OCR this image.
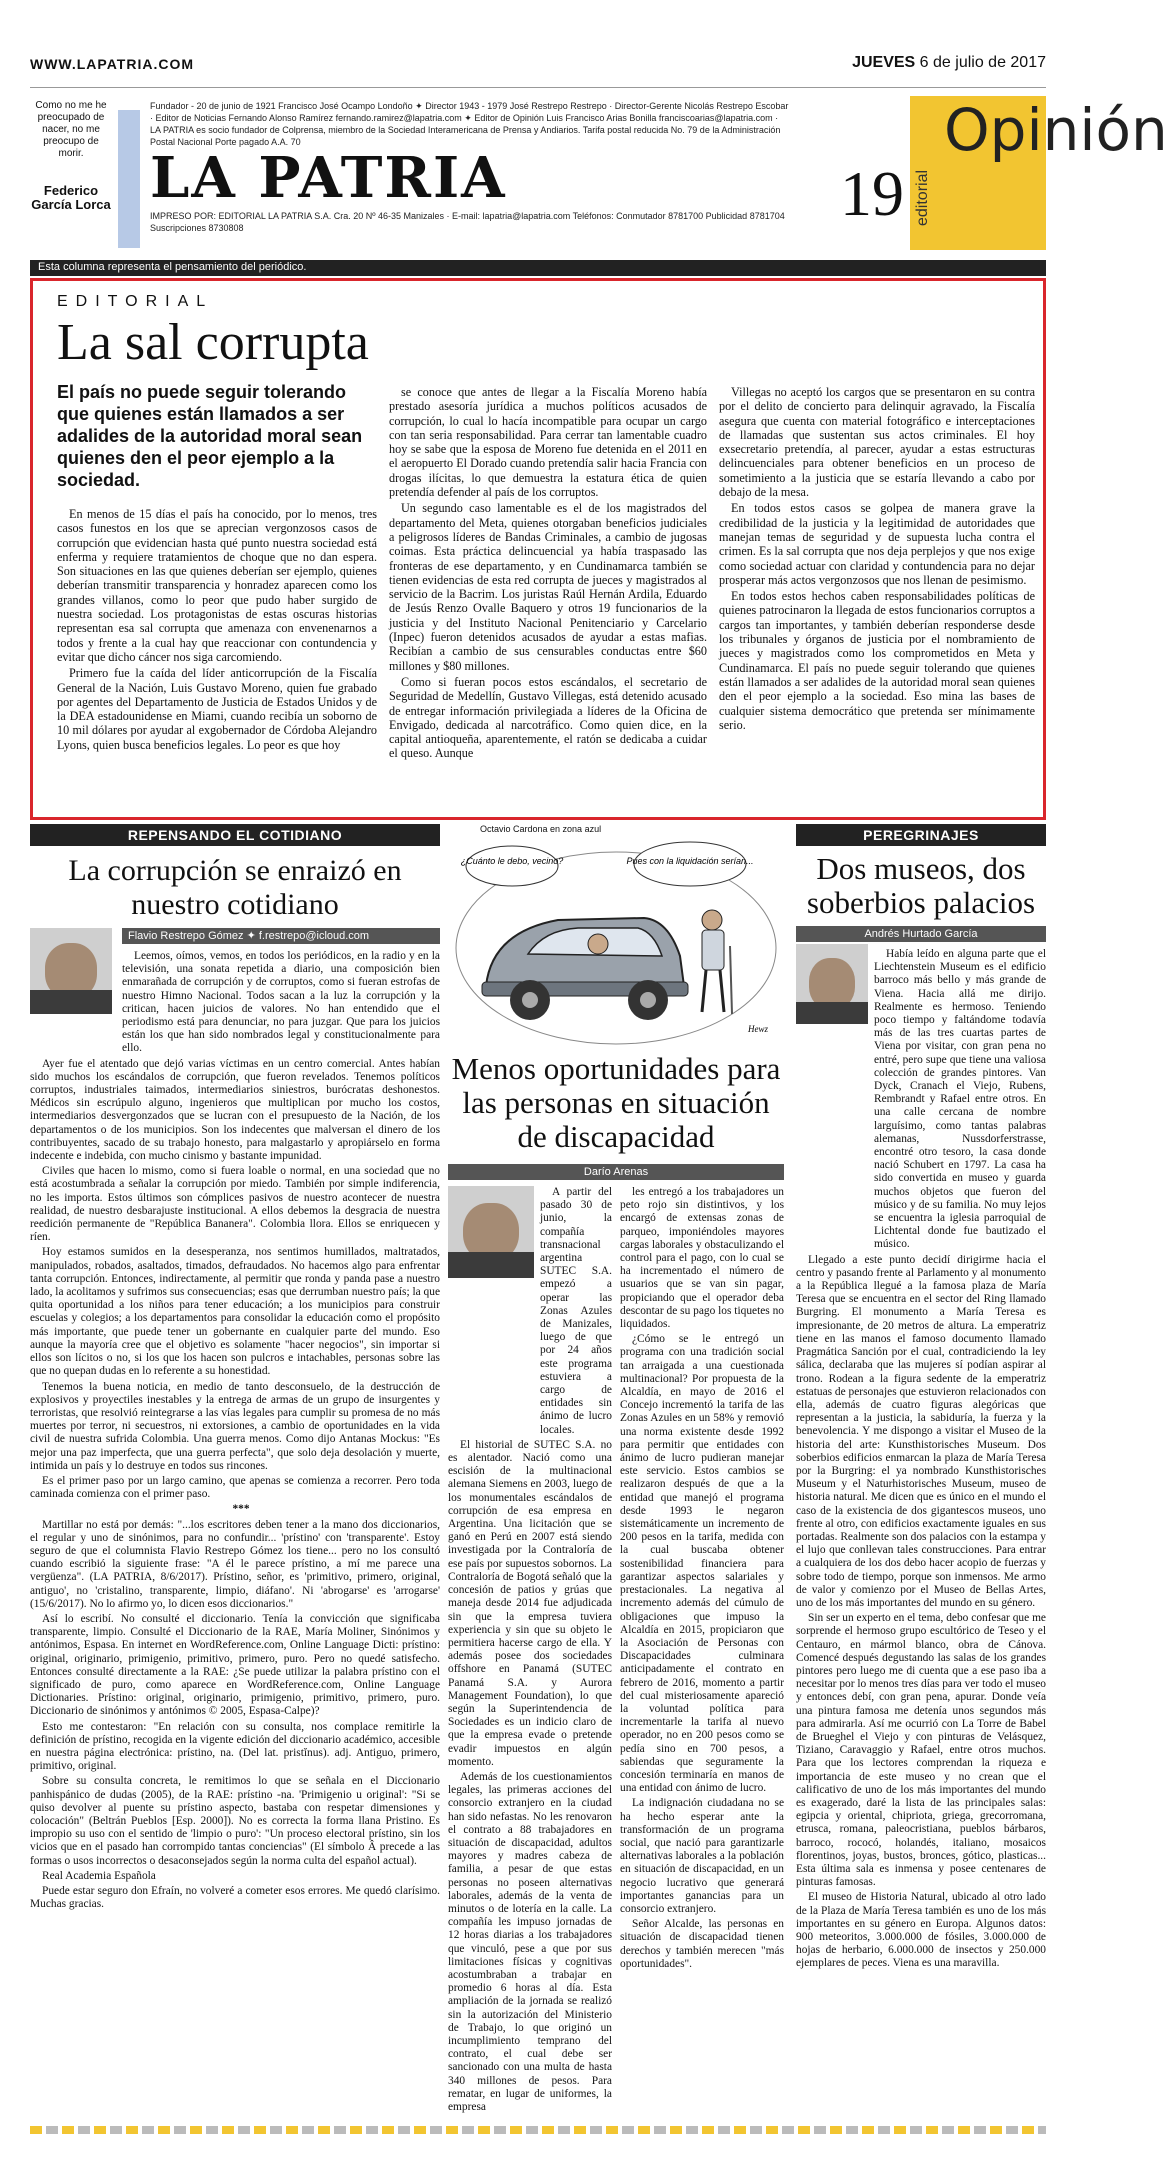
WWW.LAPATRIA.COM	JUEVES 6 de julio de 2017
Como no me he preocupado de nacer, no me preocupo de morir.
Federico García Lorca
Fundador - 20 de junio de 1921 Francisco José Ocampo Londoño ✦ Director 1943 - 1979 José Restrepo Restrepo · Director-Gerente Nicolás Restrepo Escobar · Editor de Noticias Fernando Alonso Ramírez fernando.ramirez@lapatria.com ✦ Editor de Opinión Luis Francisco Arias Bonilla franciscoarias@lapatria.com · LA PATRIA es socio fundador de Colprensa, miembro de la Sociedad Interamericana de Prensa y Andiarios. Tarifa postal reducida No. 79 de la Administración Postal Nacional Porte pagado A.A. 70
LA PATRIA
IMPRESO POR: EDITORIAL LA PATRIA S.A. Cra. 20 Nº 46-35 Manizales · E-mail: lapatria@lapatria.com Teléfonos: Conmutador 8781700 Publicidad 8781704 Suscripciones 8730808	19 editorial
Opinión
Esta columna representa el pensamiento del periódico.
EDITORIAL
La sal corrupta
El país no puede seguir tolerando que quienes están llamados a ser adalides de la autoridad moral sean quienes den el peor ejemplo a la sociedad.

En menos de 15 días el país ha conocido, por lo menos, tres casos funestos en los que se aprecian vergonzosos casos de corrupción que evidencian hasta qué punto nuestra sociedad está enferma y requiere tratamientos de choque que no dan espera. Son situaciones en las que quienes deberían ser ejemplo, quienes deberían transmitir transparencia y honradez aparecen como los grandes villanos, como lo peor que pudo haber surgido de nuestra sociedad. Los protagonistas de estas oscuras historias representan esa sal corrupta que amenaza con envenenarnos a todos y frente a la cual hay que reaccionar con contundencia y evitar que dicho cáncer nos siga carcomiendo.

Primero fue la caída del líder anticorrupción de la Fiscalía General de la Nación, Luis Gustavo Moreno, quien fue grabado por agentes del Departamento de Justicia de Estados Unidos y de la DEA estadounidense en Miami, cuando recibía un soborno de 10 mil dólares por ayudar al exgobernador de Córdoba Alejandro Lyons, quien busca beneficios legales. Lo peor es que hoy

se conoce que antes de llegar a la Fiscalía Moreno había prestado asesoría jurídica a muchos políticos acusados de corrupción, lo cual lo hacía incompatible para ocupar un cargo con tan seria responsabilidad. Para cerrar tan lamentable cuadro hoy se sabe que la esposa de Moreno fue detenida en el 2011 en el aeropuerto El Dorado cuando pretendía salir hacia Francia con drogas ilícitas, lo que demuestra la estatura ética de quien pretendía defender al país de los corruptos.

Un segundo caso lamentable es el de los magistrados del departamento del Meta, quienes otorgaban beneficios judiciales a peligrosos líderes de Bandas Criminales, a cambio de jugosas coimas. Esta práctica delincuencial ya había traspasado las fronteras de ese departamento, y en Cundinamarca también se tienen evidencias de esta red corrupta de jueces y magistrados al servicio de la Bacrim. Los juristas Raúl Hernán Ardila, Eduardo de Jesús Renzo Ovalle Baquero y otros 19 funcionarios de la justicia y del Instituto Nacional Penitenciario y Carcelario (Inpec) fueron detenidos acusados de ayudar a estas mafias. Recibían a cambio de sus censurables conductas entre $60 millones y $80 millones.

Como si fueran pocos estos escándalos, el secretario de Seguridad de Medellín, Gustavo Villegas, está detenido acusado de entregar información privilegiada a líderes de la Oficina de Envigado, dedicada al narcotráfico. Como quien dice, en la capital antioqueña, aparentemente, el ratón se dedicaba a cuidar el queso. Aunque

Villegas no aceptó los cargos que se presentaron en su contra por el delito de concierto para delinquir agravado, la Fiscalía asegura que cuenta con material fotográfico e interceptaciones de llamadas que sustentan sus actos criminales. El hoy exsecretario pretendía, al parecer, ayudar a estas estructuras delincuenciales para obtener beneficios en un proceso de sometimiento a la justicia que se estaría llevando a cabo por debajo de la mesa.

En todos estos casos se golpea de manera grave la credibilidad de la justicia y la legitimidad de autoridades que manejan temas de seguridad y de supuesta lucha contra el crimen. Es la sal corrupta que nos deja perplejos y que nos exige como sociedad actuar con claridad y contundencia para no dejar prosperar más actos vergonzosos que nos llenan de pesimismo.

En todos estos hechos caben responsabilidades políticas de quienes patrocinaron la llegada de estos funcionarios corruptos a cargos tan importantes, y también deberían responderse desde los tribunales y órganos de justicia por el nombramiento de jueces y magistrados como los comprometidos en Meta y Cundinamarca. El país no puede seguir tolerando que quienes están llamados a ser adalides de la autoridad moral sean quienes den el peor ejemplo a la sociedad. Eso mina las bases de cualquier sistema democrático que pretenda ser mínimamente serio.

REPENSANDO EL COTIDIANO
La corrupción se enraizó en nuestro cotidiano
Flavio Restrepo Gómez ✦ f.restrepo@icloud.com

Leemos, oímos, vemos, en todos los periódicos, en la radio y en la televisión, una sonata repetida a diario, una composición bien enmarañada de corrupción y de corruptos, como si fueran estrofas de nuestro Himno Nacional. Todos sacan a la luz la corrupción y la critican, hacen juicios de valores. No han entendido que el periodismo está para denunciar, no para juzgar. Que para los juicios están los que han sido nombrados legal y constitucionalmente para ello.

Ayer fue el atentado que dejó varias víctimas en un centro comercial. Antes habían sido muchos los escándalos de corrupción, que fueron revelados. Tenemos políticos corruptos, industriales taimados, intermediarios siniestros, burócratas deshonestos. Médicos sin escrúpulo alguno, ingenieros que multiplican por mucho los costos, intermediarios desvergonzados que se lucran con el presupuesto de la Nación, de los departamentos o de los municipios. Son los indecentes que malversan el dinero de los contribuyentes, sacado de su trabajo honesto, para malgastarlo y apropiárselo en forma indecente e indebida, con mucho cinismo y bastante impunidad.

Civiles que hacen lo mismo, como si fuera loable o normal, en una sociedad que no está acostumbrada a señalar la corrupción por miedo. También por simple indiferencia, no les importa. Estos últimos son cómplices pasivos de nuestro acontecer de nuestra realidad, de nuestro desbarajuste institucional. A ellos debemos la desgracia de nuestra reedición permanente de "República Bananera". Colombia llora. Ellos se enriquecen y ríen.

Hoy estamos sumidos en la desesperanza, nos sentimos humillados, maltratados, manipulados, robados, asaltados, timados, defraudados. No hacemos algo para enfrentar tanta corrupción. Entonces, indirectamente, al permitir que ronda y panda pase a nuestro lado, la acolitamos y sufrimos sus consecuencias; esas que derrumban nuestro país; la que quita oportunidad a los niños para tener educación; a los municipios para construir escuelas y colegios; a los departamentos para consolidar la educación como el propósito más importante, que puede tener un gobernante en cualquier parte del mundo. Eso aunque la mayoría cree que el objetivo es solamente "hacer negocios", sin importar si ellos son lícitos o no, si los que los hacen son pulcros e intachables, personas sobre las que no quepan dudas en lo referente a su honestidad.

Tenemos la buena noticia, en medio de tanto desconsuelo, de la destrucción de explosivos y proyectiles inestables y la entrega de armas de un grupo de insurgentes y terroristas, que resolvió reintegrarse a las vías legales para cumplir su promesa de no más muertes por terror, ni secuestros, ni extorsiones, a cambio de oportunidades en la vida civil de nuestra sufrida Colombia. Una guerra menos. Como dijo Antanas Mockus: "Es mejor una paz imperfecta, que una guerra perfecta", que solo deja desolación y muerte, intimida un país y lo destruye en todos sus rincones.

Es el primer paso por un largo camino, que apenas se comienza a recorrer. Pero toda caminada comienza con el primer paso.

***

Martillar no está por demás: "...los escritores deben tener a la mano dos diccionarios, el regular y uno de sinónimos, para no confundir... 'prístino' con 'transparente'. Estoy seguro de que el columnista Flavio Restrepo Gómez los tiene... pero no los consultó cuando escribió la siguiente frase: "A él le parece prístino, a mí me parece una vergüenza". (LA PATRIA, 8/6/2017). Prístino, señor, es 'primitivo, primero, original, antiguo', no 'cristalino, transparente, limpio, diáfano'. Ni 'abrogarse' es 'arrogarse' (15/6/2017). No lo afirmo yo, lo dicen esos diccionarios."

Así lo escribí. No consulté el diccionario. Tenía la convicción que significaba transparente, limpio. Consulté el Diccionario de la RAE, María Moliner, Sinónimos y antónimos, Espasa. En internet en WordReference.com, Online Language Dicti: prístino: original, originario, primigenio, primitivo, primero, puro. Pero no quedé satisfecho. Entonces consulté directamente a la RAE: ¿Se puede utilizar la palabra prístino con el significado de puro, como aparece en WordReference.com, Online Language Dictionaries. Prístino: original, originario, primigenio, primitivo, primero, puro. Diccionario de sinónimos y antónimos © 2005, Espasa-Calpe)?

Esto me contestaron: "En relación con su consulta, nos complace remitirle la definición de prístino, recogida en la vigente edición del diccionario académico, accesible en nuestra página electrónica: prístino, na. (Del lat. pristĭnus). adj. Antiguo, primero, primitivo, original.

Sobre su consulta concreta, le remitimos lo que se señala en el Diccionario panhispánico de dudas (2005), de la RAE: prístino -na. 'Primigenio u original': "Si se quiso devolver al puente su prístino aspecto, bastaba con respetar dimensiones y colocación" (Beltrán Pueblos [Esp. 2000]). No es correcta la forma llana Pristino. Es impropio su uso con el sentido de 'limpio o puro': "Un proceso electoral prístino, sin los vicios que en el pasado han corrompido tantas conciencias" (El símbolo Â precede a las formas o usos incorrectos o desaconsejados según la norma culta del español actual).

Real Academia Española

Puede estar seguro don Efraín, no volveré a cometer esos errores. Me quedó clarísimo. Muchas gracias.

Octavio Cardona en zona azul
¿Cuánto le debo, vecino?	Pues con la liquidación serían...
Hewz
Menos oportunidades para las personas en situación de discapacidad
Darío Arenas

A partir del pasado 30 de junio, la compañía transnacional argentina SUTEC S.A. empezó a operar las Zonas Azules de Manizales, luego de que por 24 años este programa estuviera a cargo de entidades sin ánimo de lucro locales.

El historial de SUTEC S.A. no es alentador. Nació como una escisión de la multinacional alemana Siemens en 2003, luego de los monumentales escándalos de corrupción de esa empresa en Argentina. Una licitación que se ganó en Perú en 2007 está siendo investigada por la Contraloría de ese país por supuestos sobornos. La Contraloría de Bogotá señaló que la concesión de patios y grúas que maneja desde 2014 fue adjudicada sin que la empresa tuviera experiencia y sin que su objeto le permitiera hacerse cargo de ella. Y además posee dos sociedades offshore en Panamá (SUTEC Panamá S.A. y Aurora Management Foundation), lo que según la Superintendencia de Sociedades es un indicio claro de que la empresa evade o pretende evadir impuestos en algún momento.

Además de los cuestionamientos legales, las primeras acciones del consorcio extranjero en la ciudad han sido nefastas. No les renovaron el contrato a 88 trabajadores en situación de discapacidad, adultos mayores y madres cabeza de familia, a pesar de que estas personas no poseen alternativas laborales, además de la venta de minutos o de lotería en la calle. La compañía les impuso jornadas de 12 horas diarias a los trabajadores que vinculó, pese a que por sus limitaciones físicas y cognitivas acostumbraban a trabajar en promedio 6 horas al día. Esta ampliación de la jornada se realizó sin la autorización del Ministerio de Trabajo, lo que originó un incumplimiento temprano del contrato, el cual debe ser sancionado con una multa de hasta 340 millones de pesos. Para rematar, en lugar de uniformes, la empresa

les entregó a los trabajadores un peto rojo sin distintivos, y los encargó de extensas zonas de parqueo, imponiéndoles mayores cargas laborales y obstaculizando el control para el pago, con lo cual se ha incrementado el número de usuarios que se van sin pagar, propiciando que el operador deba descontar de su pago los tiquetes no liquidados.

¿Cómo se le entregó un programa con una tradición social tan arraigada a una cuestionada multinacional? Por propuesta de la Alcaldía, en mayo de 2016 el Concejo incrementó la tarifa de las Zonas Azules en un 58% y removió una norma existente desde 1992 para permitir que entidades con ánimo de lucro pudieran manejar este servicio. Estos cambios se realizaron después de que a la entidad que manejó el programa desde 1993 le negaron sistemáticamente un incremento de 200 pesos en la tarifa, medida con la cual buscaba obtener sostenibilidad financiera para garantizar aspectos salariales y prestacionales. La negativa al incremento además del cúmulo de obligaciones que impuso la Alcaldía en 2015, propiciaron que la Asociación de Personas con Discapacidades culminara anticipadamente el contrato en febrero de 2016, momento a partir del cual misteriosamente apareció la voluntad política para incrementarle la tarifa al nuevo operador, no en 200 pesos como se pedía sino en 700 pesos, a sabiendas que seguramente la concesión terminaría en manos de una entidad con ánimo de lucro.

La indignación ciudadana no se ha hecho esperar ante la transformación de un programa social, que nació para garantizarle alternativas laborales a la población en situación de discapacidad, en un negocio lucrativo que generará importantes ganancias para un consorcio extranjero.

Señor Alcalde, las personas en situación de discapacidad tienen derechos y también merecen "más oportunidades".

PEREGRINAJES
Dos museos, dos soberbios palacios
Andrés Hurtado García

Había leído en alguna parte que el Liechtenstein Museum es el edificio barroco más bello y más grande de Viena. Hacia allá me dirijo. Realmente es hermoso. Teniendo poco tiempo y faltándome todavía más de las tres cuartas partes de Viena por visitar, con gran pena no entré, pero supe que tiene una valiosa colección de grandes pintores. Van Dyck, Cranach el Viejo, Rubens, Rembrandt y Rafael entre otros. En una calle cercana de nombre larguísimo, como tantas palabras alemanas, Nussdorferstrasse, encontré otro tesoro, la casa donde nació Schubert en 1797. La casa ha sido convertida en museo y guarda muchos objetos que fueron del músico y de su familia. No muy lejos se encuentra la iglesia parroquial de Lichtental donde fue bautizado el músico.

Llegado a este punto decidí dirigirme hacia el centro y pasando frente al Parlamento y al monumento a la República llegué a la famosa plaza de María Teresa que se encuentra en el sector del Ring llamado Burgring. El monumento a María Teresa es impresionante, de 20 metros de altura. La emperatriz tiene en las manos el famoso documento llamado Pragmática Sanción por el cual, contradiciendo la ley sálica, declaraba que las mujeres sí podían aspirar al trono. Rodean a la figura sedente de la emperatriz estatuas de personajes que estuvieron relacionados con ella, además de cuatro figuras alegóricas que representan a la justicia, la sabiduría, la fuerza y la benevolencia. Y me dispongo a visitar el Museo de la historia del arte: Kunsthistorisches Museum. Dos soberbios edificios enmarcan la plaza de María Teresa por la Burgring: el ya nombrado Kunsthistorisches Museum y el Naturhistorisches Museum, museo de historia natural. Me dicen que es único en el mundo el caso de la existencia de dos gigantescos museos, uno frente al otro, con edificios exactamente iguales en sus portadas. Realmente son dos palacios con la estampa y el lujo que conllevan tales construcciones. Para entrar a cualquiera de los dos debo hacer acopio de fuerzas y sobre todo de tiempo, porque son inmensos. Me armo de valor y comienzo por el Museo de Bellas Artes, uno de los más importantes del mundo en su género.

Sin ser un experto en el tema, debo confesar que me sorprende el hermoso grupo escultórico de Teseo y el Centauro, en mármol blanco, obra de Cánova. Comencé después degustando las salas de los grandes pintores pero luego me di cuenta que a ese paso iba a necesitar por lo menos tres días para ver todo el museo y entonces debí, con gran pena, apurar. Donde veía una pintura famosa me detenía unos segundos más para admirarla. Así me ocurrió con La Torre de Babel de Brueghel el Viejo y con pinturas de Velásquez, Tiziano, Caravaggio y Rafael, entre otros muchos. Para que los lectores comprendan la riqueza e importancia de este museo y no crean que el calificativo de uno de los más importantes del mundo es exagerado, daré la lista de las principales salas: egipcia y oriental, chipriota, griega, grecorromana, etrusca, romana, paleocristiana, pueblos bárbaros, barroco, rococó, holandés, italiano, mosaicos florentinos, joyas, bustos, bronces, gótico, plasticas... Esta última sala es inmensa y posee centenares de pinturas famosas.

El museo de Historia Natural, ubicado al otro lado de la Plaza de María Teresa también es uno de los más importantes en su género en Europa. Algunos datos: 900 meteoritos, 3.000.000 de fósiles, 3.000.000 de hojas de herbario, 6.000.000 de insectos y 250.000 ejemplares de peces. Viena es una maravilla.
